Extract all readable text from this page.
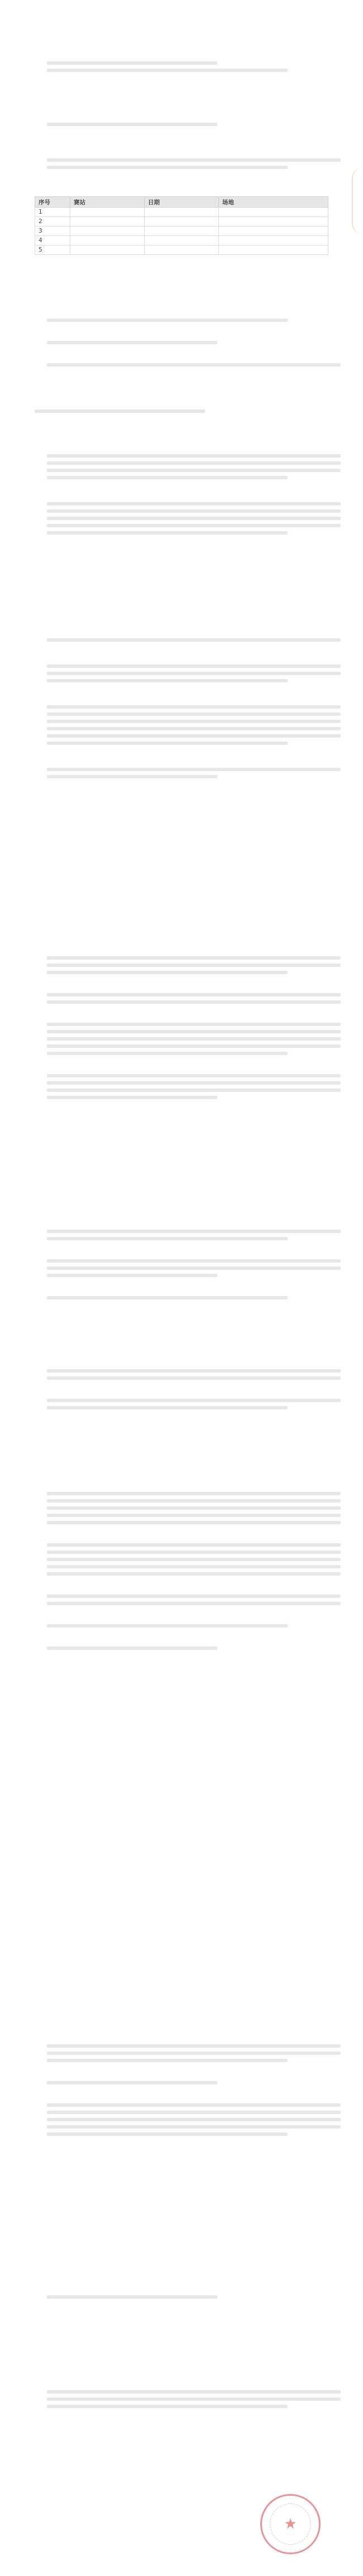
序号	赛站	日期	场地
1			
2			
3			
4			
5			
★
